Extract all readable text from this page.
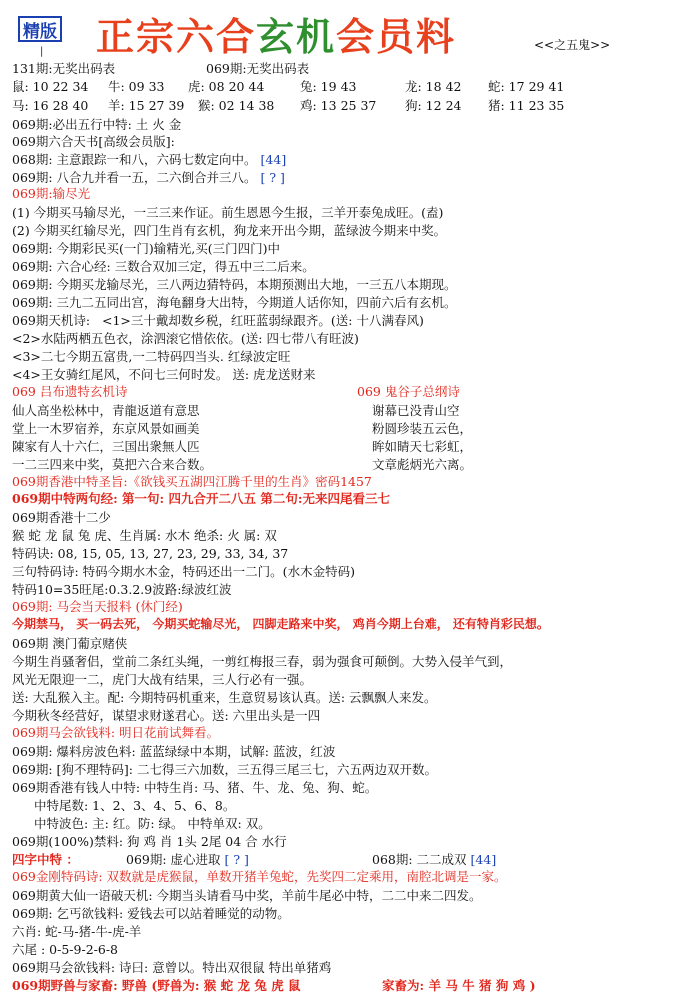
精版 正宗六合玄机会员料	<<之五鬼>>
|
131期:无奖出码表	069期:无奖出码表
鼠: 10 22 34 牛: 09 33 虎: 08 20 44	兔: 19 43	龙: 18 42 蛇: 17 29 41
马: 16 28 40 羊: 15 27 39 猴: 02 14 38 鸡: 13 25 37 狗: 12 24 猪: 11 23 35
069期:必出五行中特: 土 火 金
069期六合天书[高级会员版]:
068期: 主意跟踪一和八，六码七数定向中。 [44]
069期: 八合九并看一五，二六倒合并三八。 [ ? ]
069期:输尽光
(1) 今期买马输尽光，一三三来作证。前生恩恩今生报，三羊开泰兔成旺。(盍)
(2) 今期买红输尽光，四门生肖有玄机，狗龙来开出今期，蓝绿波今期来中奖。
069期: 今期彩民买(一门)输精光,买(三门四门)中
069期: 六合心经: 三数合双加三定，得五中三二后来。
069期: 今期买龙输尽光，三八两边猜特码，本期预测出大地，一三五八本期现。
069期: 三九二五同出宫，海龟翻身大出特，今期道人话你知，四前六后有玄机。
069期天机诗: <1>三十戴却数乡税，红旺蓝弱绿跟齐。(送: 十八满春风)
<2>水陆两栖五色衣，涂泗滚它惜依依。(送: 四七带八有旺波)
<3>二七今期五富贵,一二特码四当头. 红绿波定旺
<4>王女骑红尾风，不问七三何时发。 送: 虎龙送财来
069 吕布遗特玄机诗	069 鬼谷子总纲诗
仙人高坐松林中，青龍返道有意思
堂上一木罗宿养，东京风景如画美
陳家有人十六仁，三国出衆無人匹
一二三四来中奖，莫把六合来合数。
谢幕已没青山空
粉圆珍装五云色，
眸如睛天七彩虹，
文章彪炳光六离。
069期香港中特圣旨:《欲钱买五湖四江腾千里的生肖》密码1457
069期中特两句经: 第一句: 四九合开二八五 第二句:无来四尾看三七
069期香港十二少
猴 蛇 龙 鼠 兔 虎、生肖属: 水木 绝杀: 火 属: 双
特码诀: 08, 15, 05, 13, 27, 23, 29, 33, 34, 37
三句特码诗: 特码今期水木金，特码还出一二门。(水木金特码)
特码10=35旺尾:0.3.2.9波路:绿波红波
069期: 马会当天报料 (休门经)
今期禁马， 买一码去死， 今期买蛇输尽光， 四脚走路来中奖， 鸡肖今期上台难， 还有特肖彩民想。
069期 澳门葡京赌侠
今期生肖骚奢侣，堂前二条红头绳，一剪红梅报三春，弱为强食可颠倒。大势入侵羊气到，
风光无限迎一二，虎门大战有结果，三人行必有一强。
送: 大乱猴入主。配: 今期特码机重来，生意贸易该认真。送: 云飘飘人来发。
今期秋冬经营好，谋望求财遂君心。送: 六里出头是一四
069期马会欲钱料: 明日花前试舞看。
069期: 爆料房波色料: 蓝蓝绿绿中本期，试解: 蓝波，红波
069期: [狗不理特码]: 二七得三六加数，三五得三尾三七，六五两边双开数。
069期香港有钱人中特: 中特生肖: 马、猪、牛、龙、兔、狗、蛇。
中特尾数: 1、2、3、4、5、6、8。
中特波色: 主: 红。防: 绿。 中特单双: 双。
069期(100%)禁料: 狗 鸡 肖 1头 2尾 04 合 水行
四字中特 ：	069期: 虚心进取 [ ? ]	068期: 二二成双 [44]
069金刚特码诗: 双数就是虎猴鼠，单数开猪羊兔蛇，先奖四二定乘用，南腔北调是一家。
069期黄大仙一语破天机: 今期当头请看马中奖，羊前牛尾必中特，二二中来二四发。
069期: 乞丐欲钱料: 爱钱去可以站着睡觉的动物。
六肖: 蛇-马-猪-牛-虎-羊
六尾 : 0-5-9-2-6-8
069期马会欲钱料: 诗曰: 意曾以。特出双很鼠 特出单猪鸡
069期野兽与家畜: 野兽 (野兽为: 猴 蛇 龙 兔 虎 鼠	家畜为: 羊 马 牛 猪 狗 鸡 )
